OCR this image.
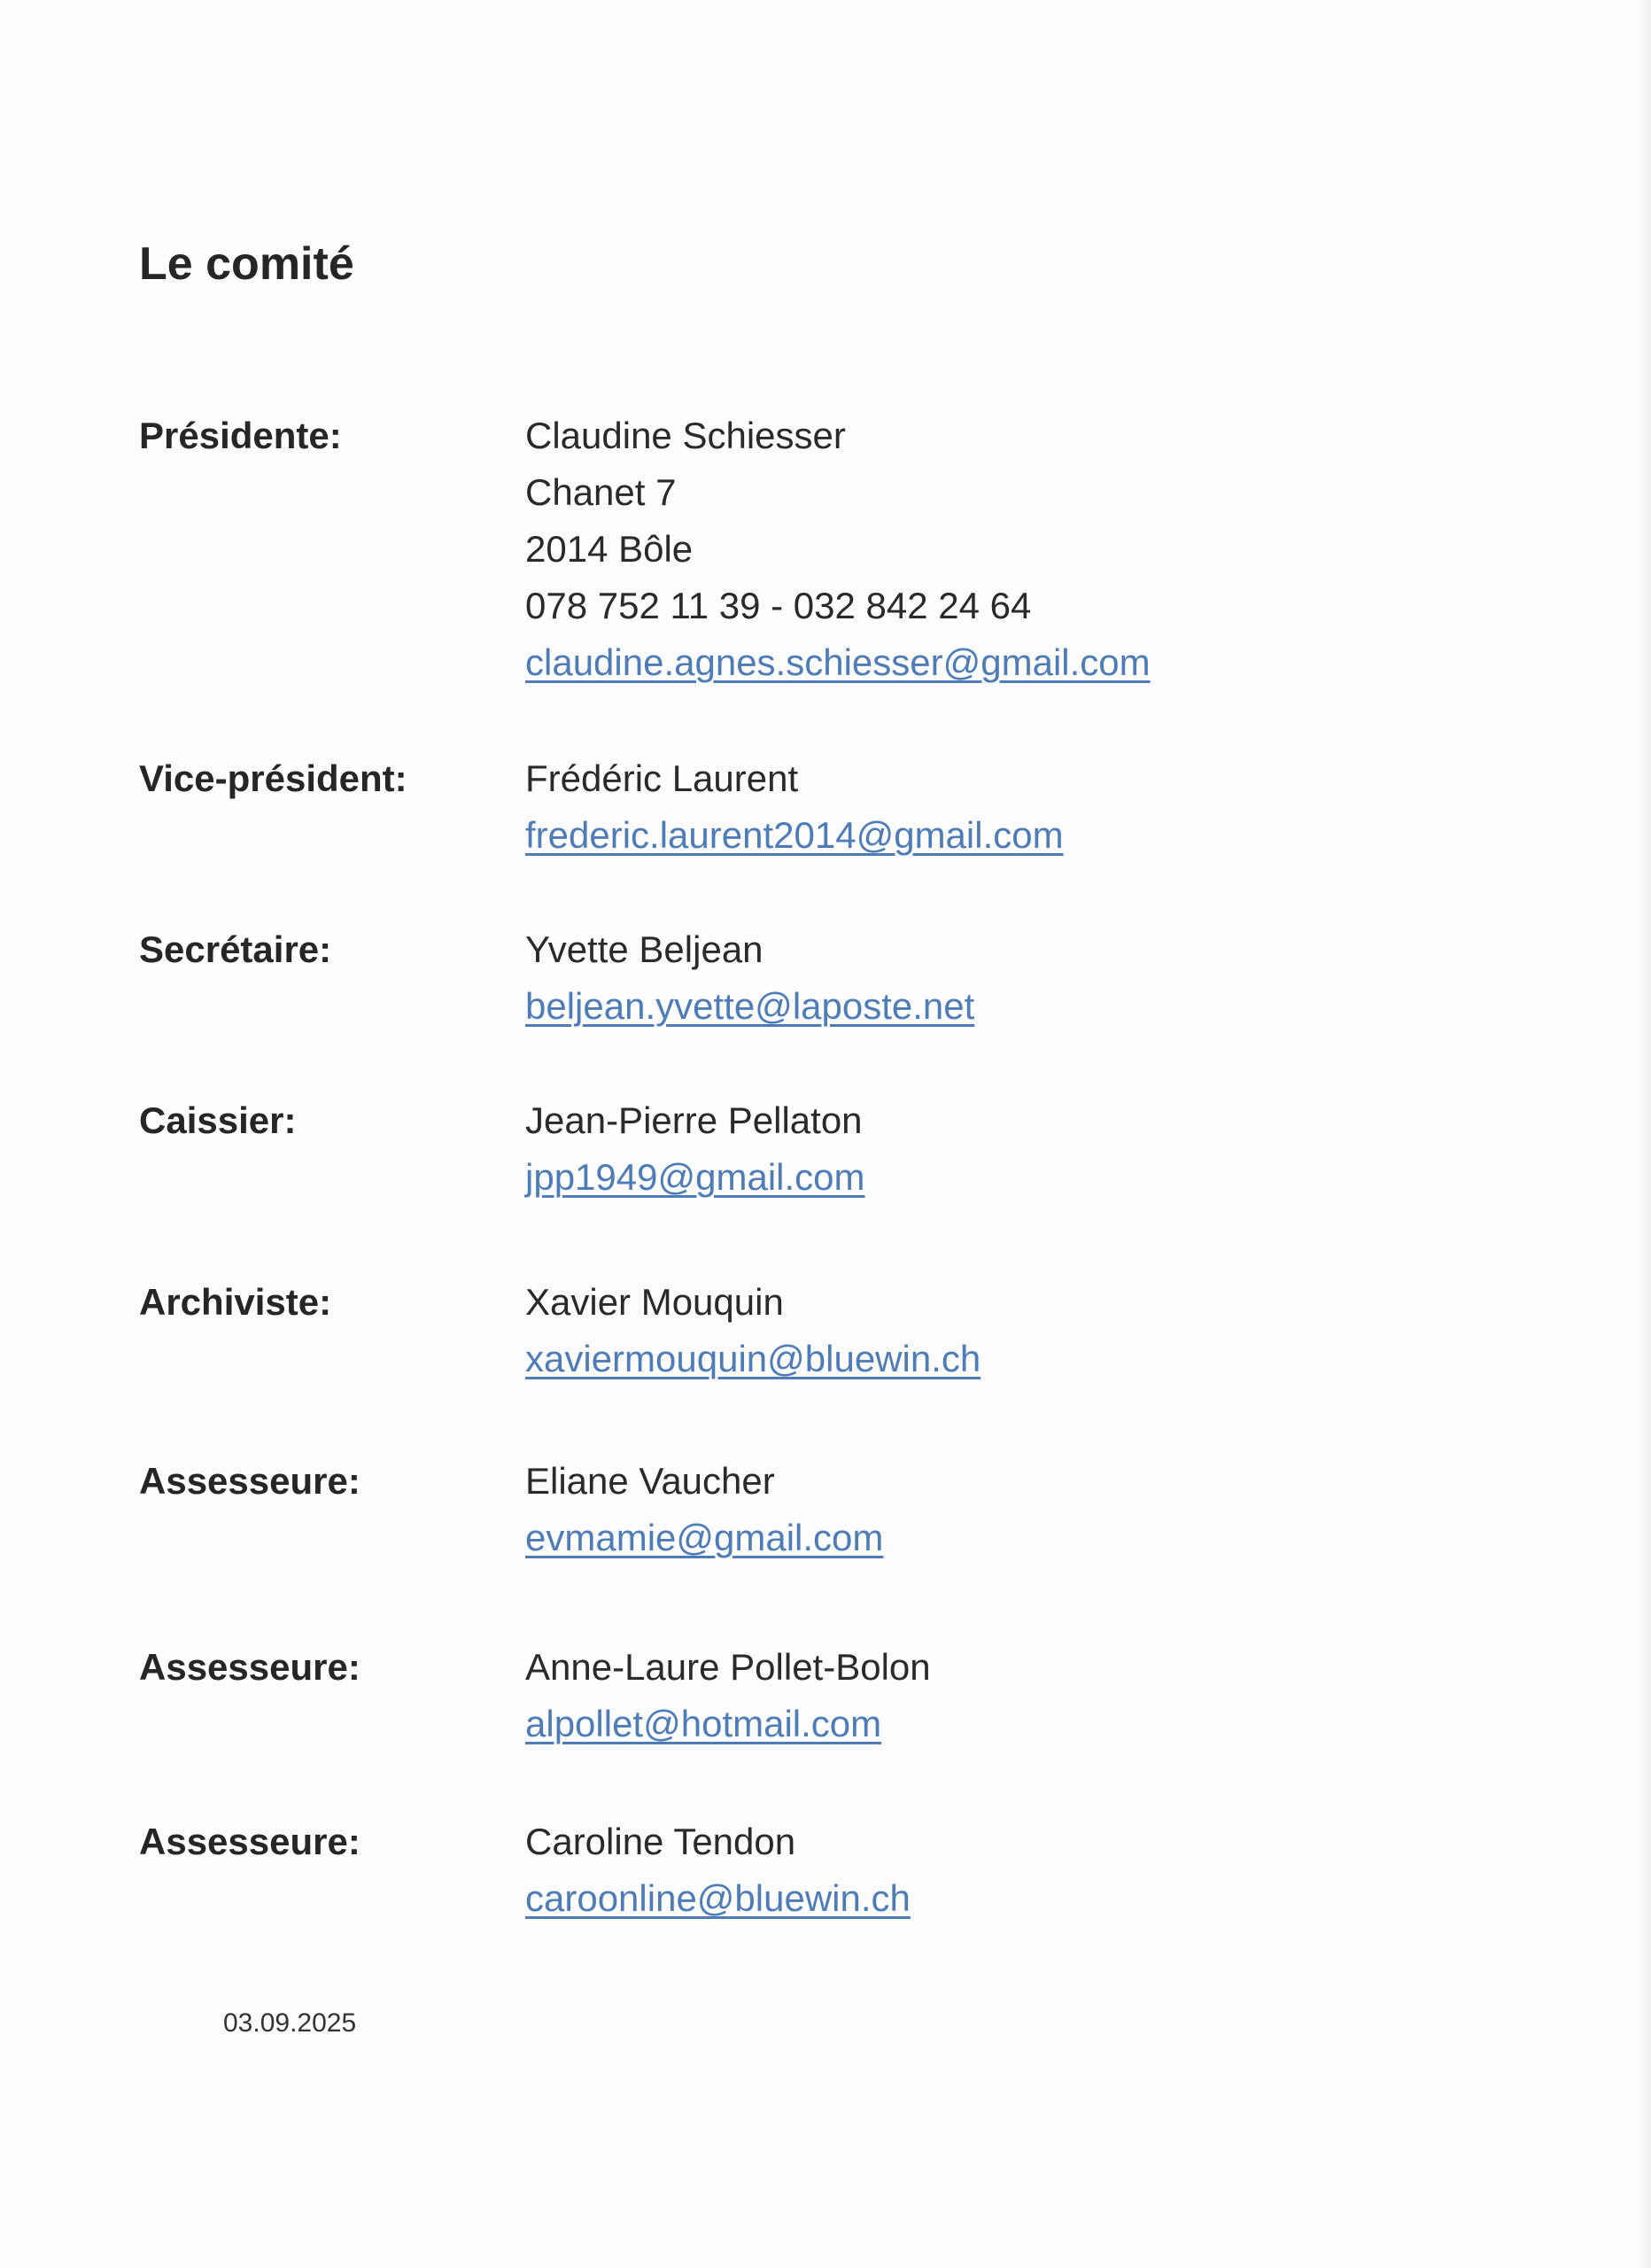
Le comité

Présidente:	Claudine Schiesser
Chanet 7
2014 Bôle
078 752 11 39 - 032 842 24 64
claudine.agnes.schiesser@gmail.com

Vice-président:	Frédéric Laurent
frederic.laurent2014@gmail.com

Secrétaire:	Yvette Beljean
beljean.yvette@laposte.net

Caissier:	Jean-Pierre Pellaton
jpp1949@gmail.com

Archiviste:	Xavier Mouquin
xaviermouquin@bluewin.ch

Assesseure:	Eliane Vaucher
evmamie@gmail.com

Assesseure:	Anne-Laure Pollet-Bolon
alpollet@hotmail.com

Assesseure:	Caroline Tendon
caroonline@bluewin.ch
03.09.2025
